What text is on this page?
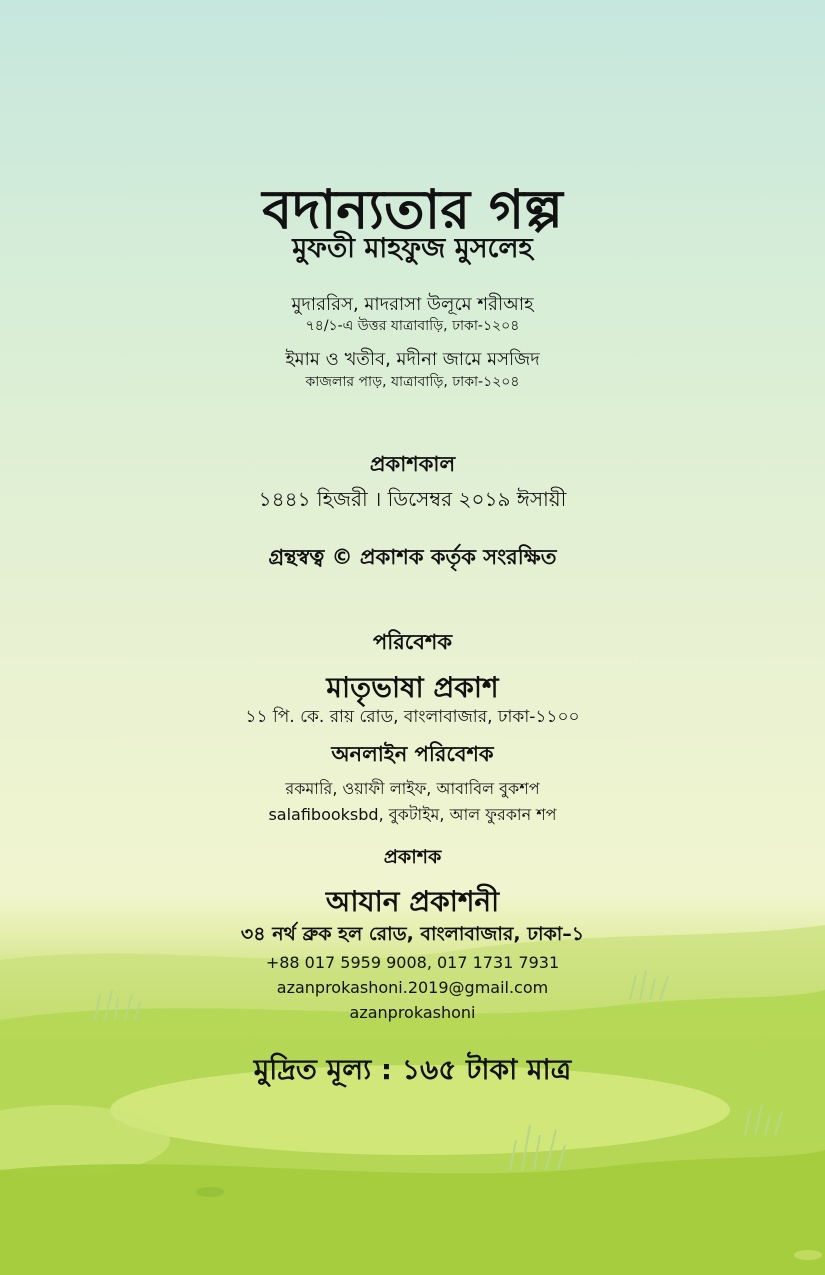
বদান্যতার গল্প
মুফতী মাহফুজ মুসলেহ
মুদাররিস, মাদরাসা উলূমে শরীআহ
৭৪/১-এ উত্তর যাত্রাবাড়ি, ঢাকা-১২০৪
ইমাম ও খতীব, মদীনা জামে মসজিদ
কাজলার পাড়, যাত্রাবাড়ি, ঢাকা-১২০৪
প্রকাশকাল
১৪৪১ হিজরী । ডিসেম্বর ২০১৯ ঈসায়ী
গ্রন্থস্বত্ব © প্রকাশক কর্তৃক সংরক্ষিত
পরিবেশক
মাতৃভাষা প্রকাশ
১১ পি. কে. রায় রোড, বাংলাবাজার, ঢাকা-১১০০
অনলাইন পরিবেশক
রকমারি, ওয়াফী লাইফ, আবাবিল বুকশপ
salafibooksbd, বুকটাইম, আল ফুরকান শপ
প্রকাশক
আযান প্রকাশনী
৩৪ নর্থ ব্রুক হল রোড, বাংলাবাজার, ঢাকা–১
+88 017 5959 9008, 017 1731 7931
azanprokashoni.2019@gmail.com
azanprokashoni
মুদ্রিত মূল্য : ১৬৫ টাকা মাত্র
